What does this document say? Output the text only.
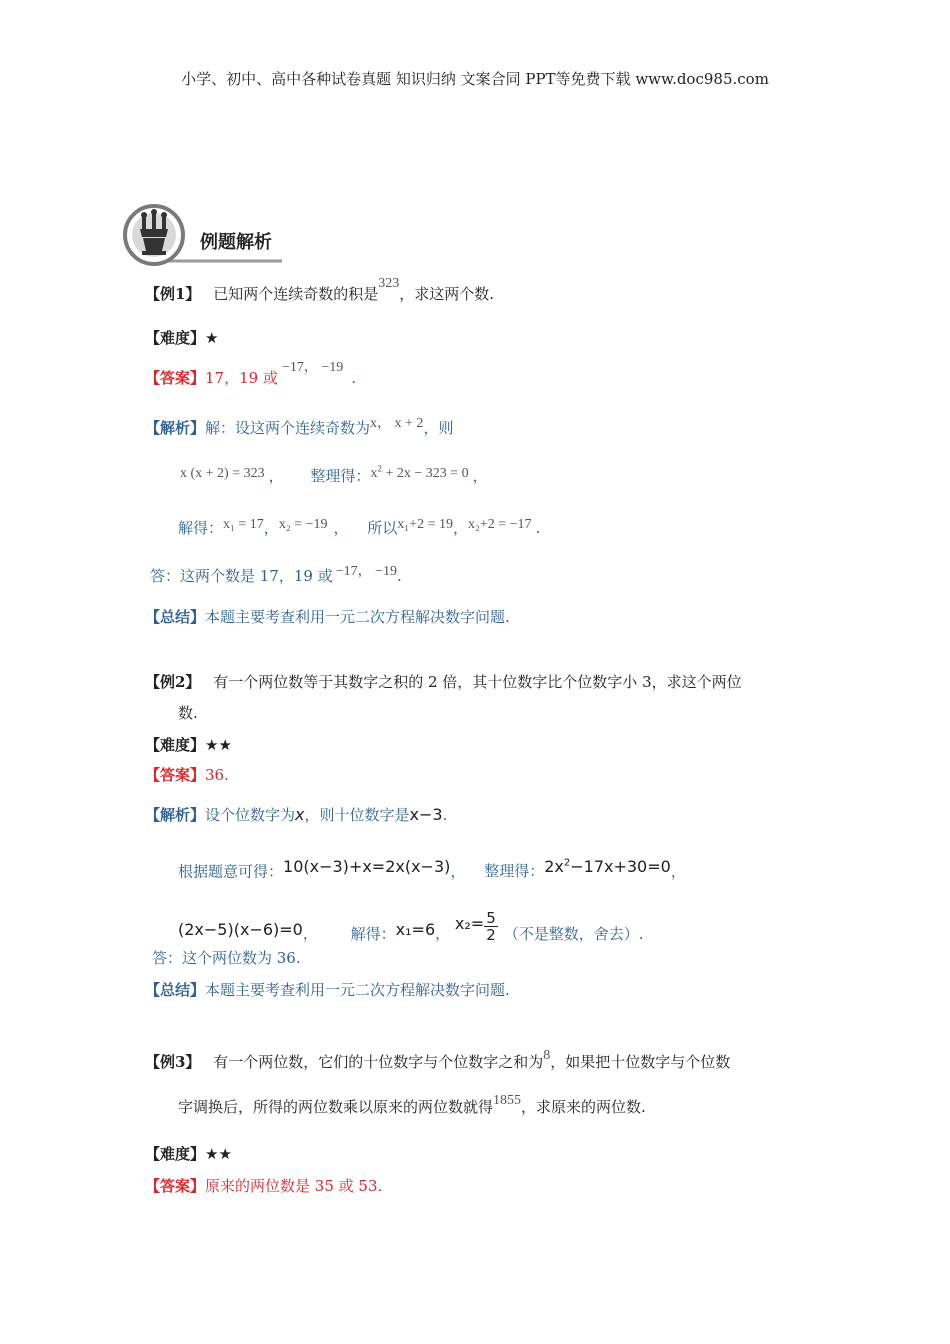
小学、初中、高中各种试卷真题 知识归纳 文案合同 PPT等免费下载 www.doc985.com
例题解析
【例1】 已知两个连续奇数的积是323，求这两个数.
【难度】★
【答案】17，19 或−17， −19.
【解析】解：设这两个连续奇数为x， x + 2，则
x (x + 2) = 323 ， 整理得：$x^2 + 2x - 323 = 0$ ，
解得：x₁ = 17，x₂ = −19 ， 所以x₁+2 = 19，x₂+2 = −17 .
答：这两个数是 17，19 或 −17， −19.
【总结】本题主要考查利用一元二次方程解决数字问题.
【例2】 有一个两位数等于其数字之积的 2 倍，其十位数字比个位数字小 3，求这个两位
数.
【难度】★★
【答案】36.
【解析】设个位数字为x，则十位数字是x−3.
根据题意可得：10(x−3)+x=2x(x−3)， 整理得：$2x^2-17x+30=0$，
(2x−5)(x−6)=0， 解得：x₁=6， $x_2= \frac{5}{2}$ （不是整数，舍去）.
答：这个两位数为 36.
【总结】本题主要考查利用一元二次方程解决数字问题.
【例3】 有一个两位数，它们的十位数字与个位数字之和为8，如果把十位数字与个位数
字调换后，所得的两位数乘以原来的两位数就得1855，求原来的两位数.
【难度】★★
【答案】原来的两位数是 35 或 53.
